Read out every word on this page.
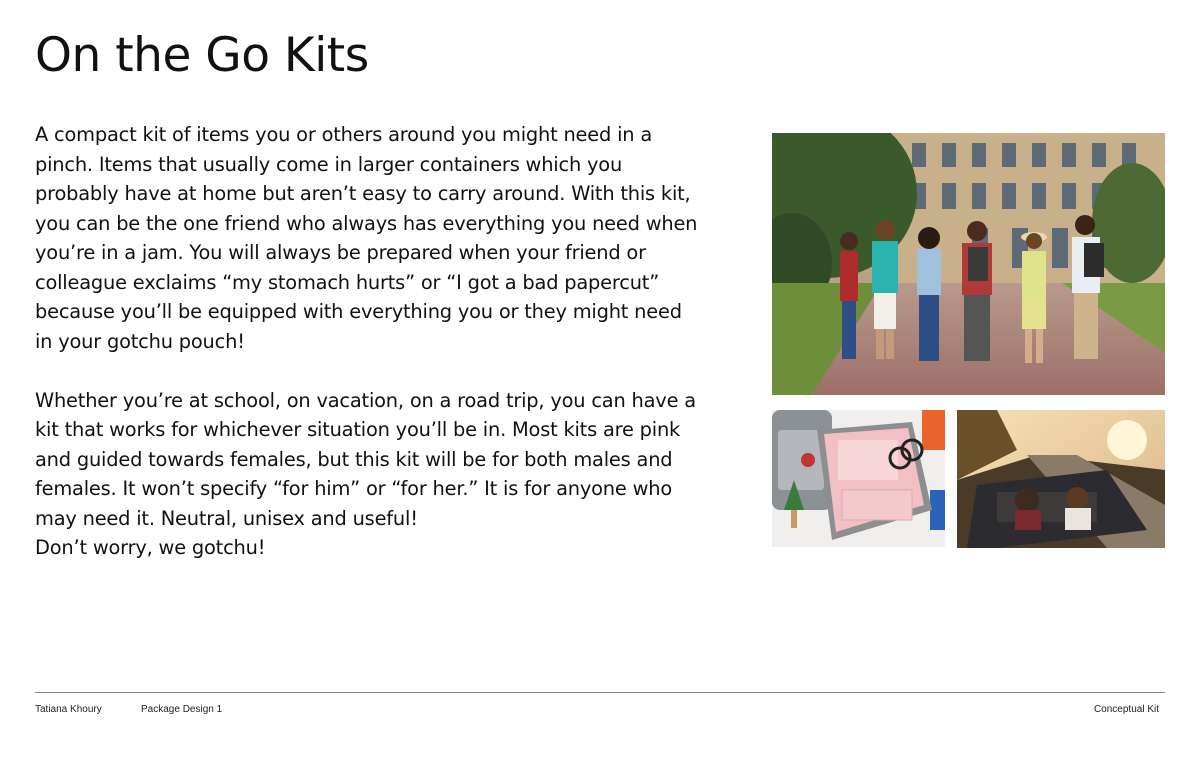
On the Go Kits

A compact kit of items you or others around you might need in a pinch. Items that usually come in larger containers which you probably have at home but aren’t easy to carry around. With this kit, you can be the one friend who always has everything you need when you’re in a jam. You will always be prepared when your friend or colleague exclaims “my stomach hurts” or “I got a bad papercut” because you’ll be equipped with everything you or they might need in your gotchu pouch!

Whether you’re at school, on vacation, on a road trip, you can have a kit that works for whichever situation you’ll be in. Most kits are pink and guided towards females, but this kit will be for both males and females. It won’t specify “for him” or “for her.” It is for anyone who may need it. Neutral, unisex and useful!

Don’t worry, we gotchu!

Tatiana Khoury	Package Design 1	Conceptual Kit
